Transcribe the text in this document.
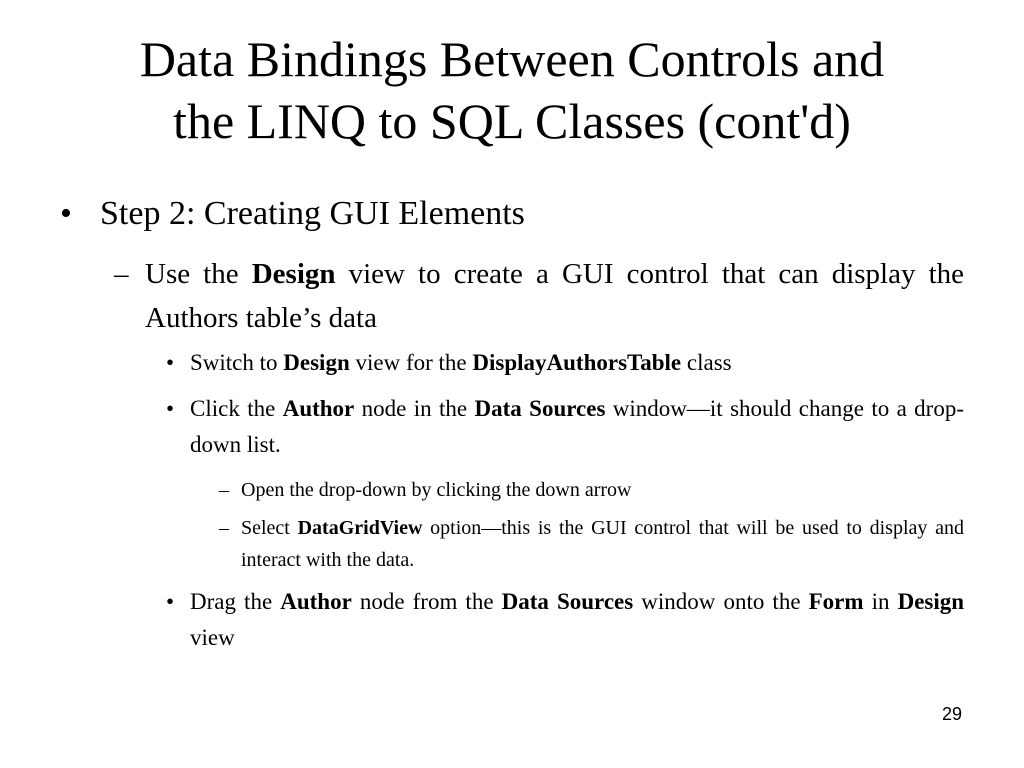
Data Bindings Between Controls and
the LINQ to SQL Classes (cont'd)
• Step 2: Creating GUI Elements
– Use the Design view to create a GUI control that can display the Authors table’s data
• Switch to Design view for the DisplayAuthorsTable class
• Click the Author node in the Data Sources window—it should change to a drop-down list.
– Open the drop-down by clicking the down arrow
– Select DataGridView option—this is the GUI control that will be used to display and interact with the data.
• Drag the Author node from the Data Sources window onto the Form in Design view
29
